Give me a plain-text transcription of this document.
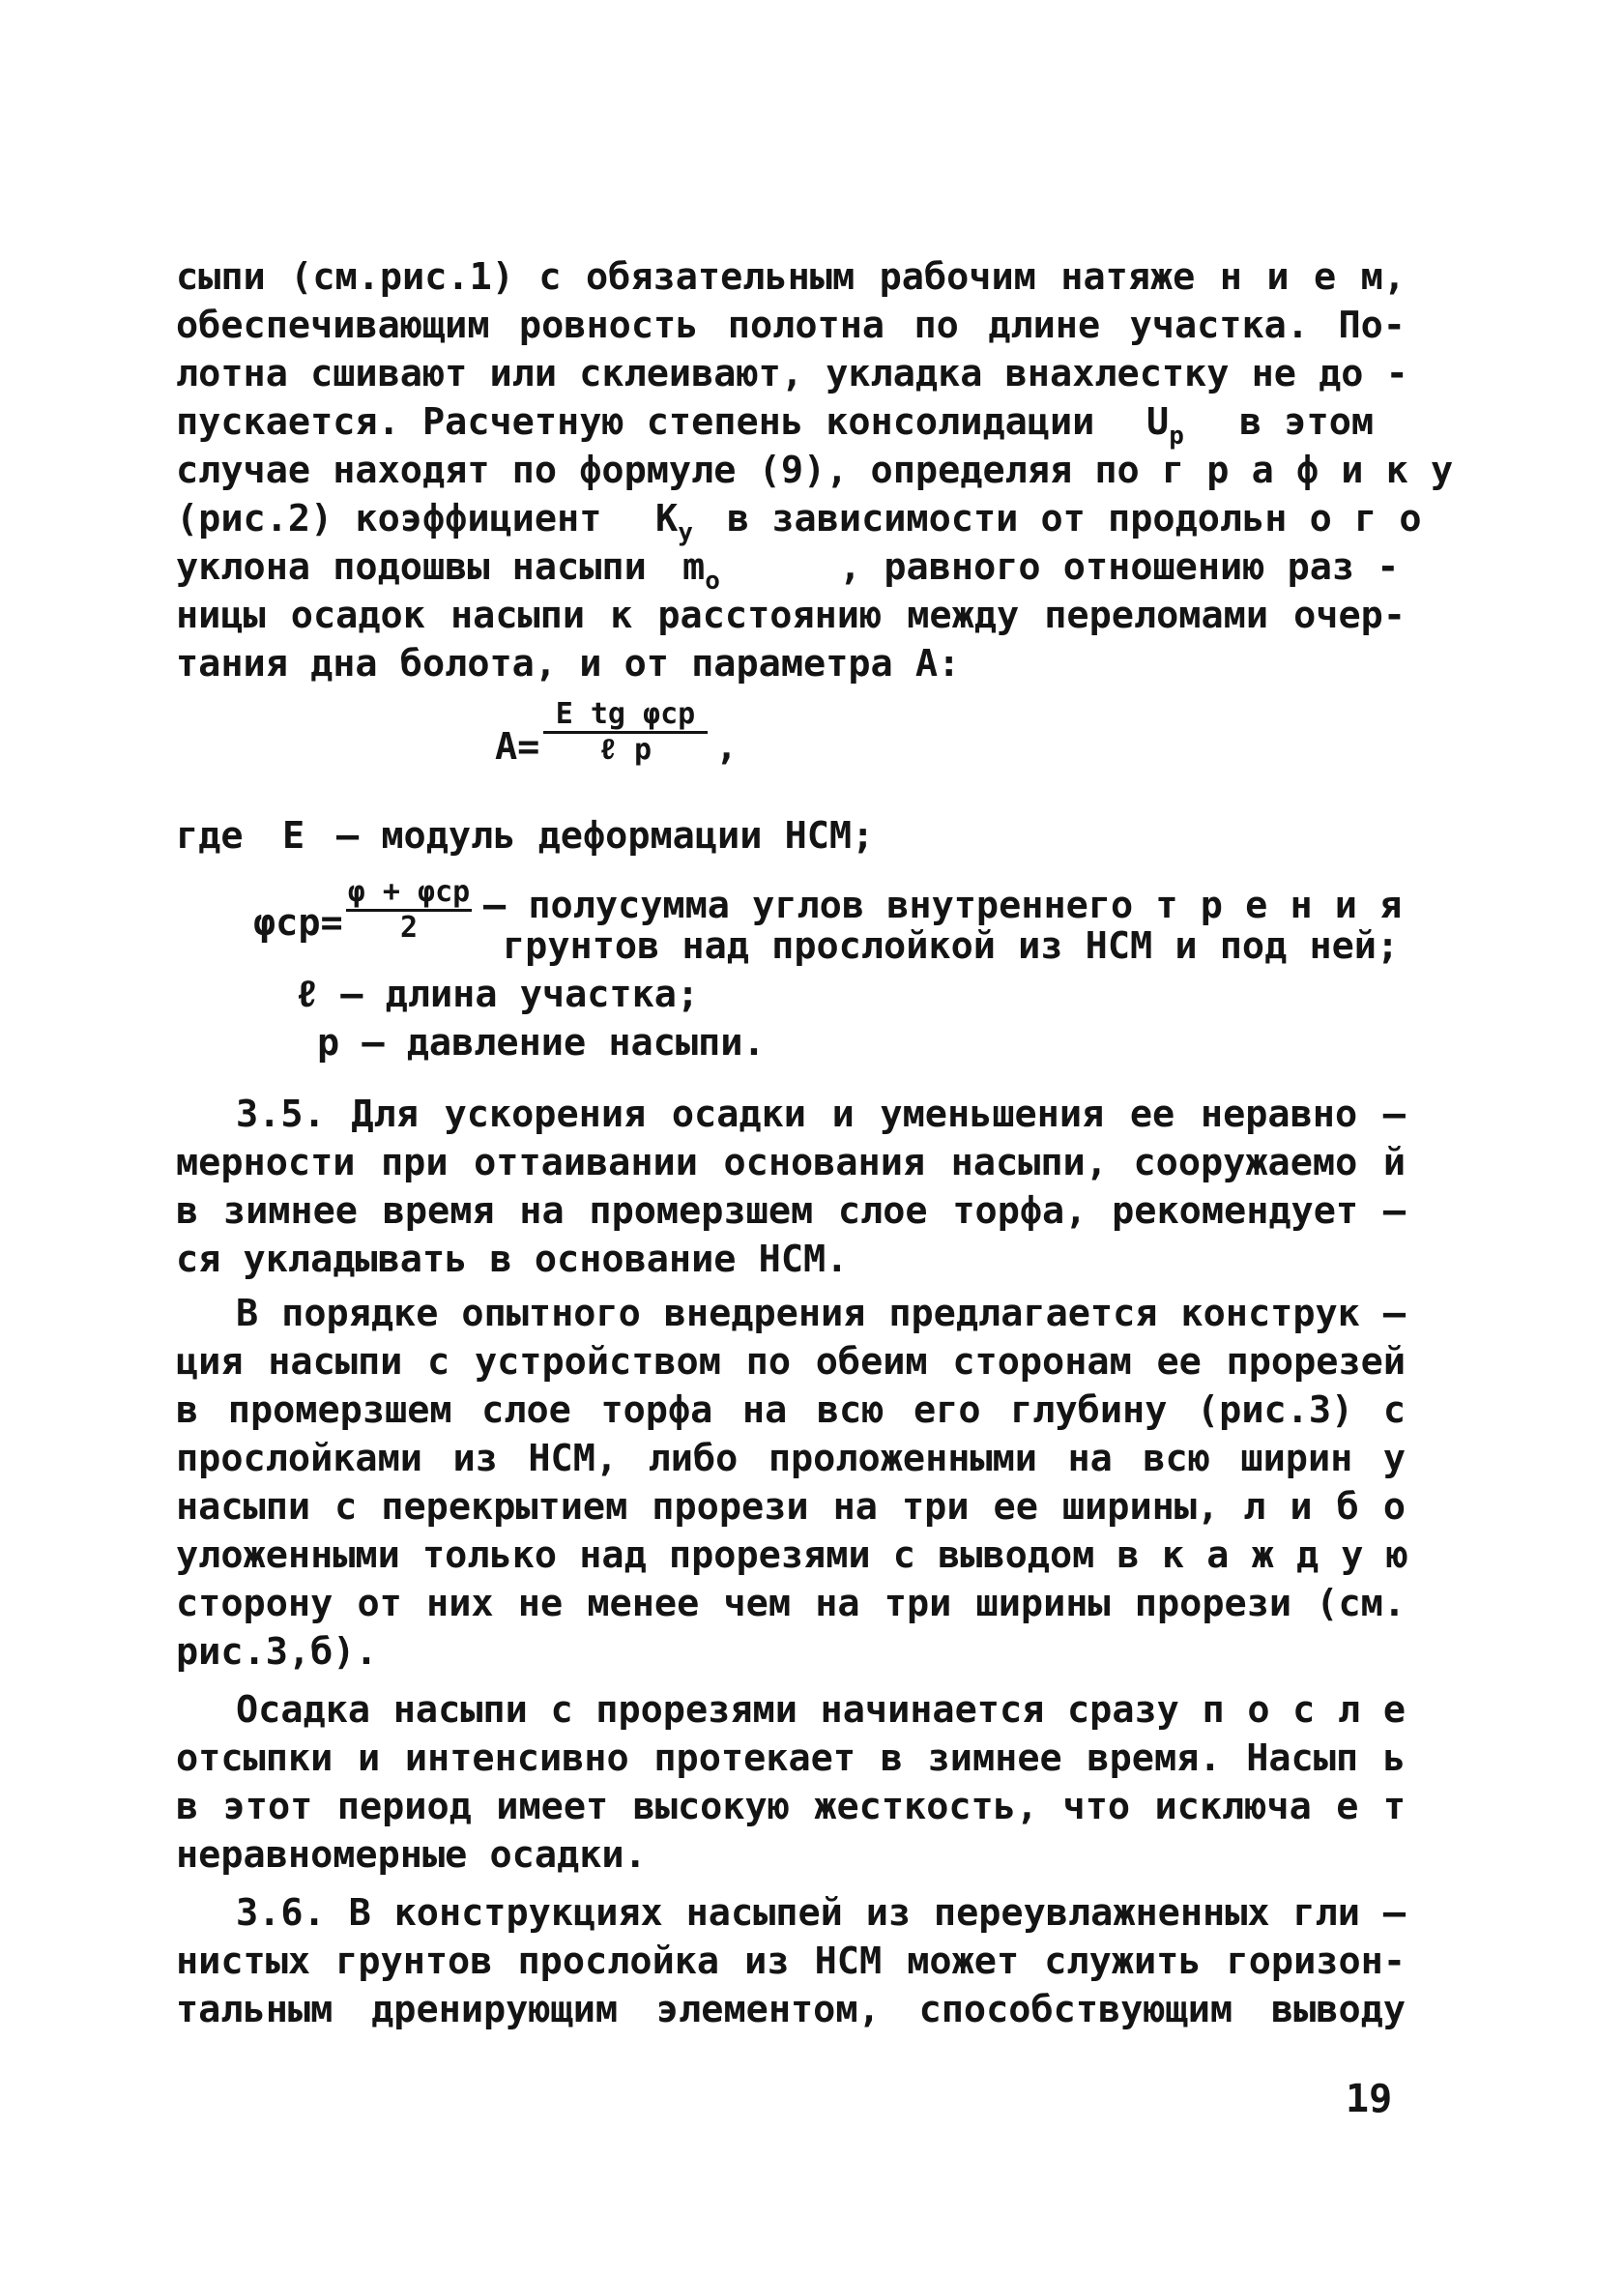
сыпи (см.рис.1) с обязательным рабочим натяже н и е м,
обеспечивающим ровность полотна по длине участка. По-
лотна сшивают или склеивают, укладка внахлестку не до -
пускается. Расчетную степень консолидации	$U_р$ в этом
случае находят по формуле (9), определяя по г р а ф и к у
(рис.2) коэффициент	$К_у$ в зависимости от продольн о г о
уклона подошвы насыпи $m_о$	, равного отношению раз -
ницы осадок насыпи к расстоянию между переломами очер-
тания дна болота, и от параметра А:
А=
E tg φср
ℓ р	,
где Е – модуль деформации НСМ;
φср=
φ + φср
2
– полусумма углов внутреннего т р е н и я
грунтов над прослойкой из НСМ и под ней;
ℓ – длина участка;
р – давление насыпи.
3.5. Для ускорения осадки и уменьшения ее неравно –
мерности при оттаивании основания насыпи, сооружаемо й
в зимнее время на промерзшем слое торфа, рекомендует –
ся укладывать в основание НСМ.
В порядке опытного внедрения предлагается конструк –
ция насыпи с устройством по обеим сторонам ее прорезей
в промерзшем слое торфа на всю его глубину (рис.3) с
прослойками из НСМ, либо проложенными на всю ширин у
насыпи с перекрытием прорези на три ее ширины, л и б о
уложенными только над прорезями с выводом в к а ж д у ю
сторону от них не менее чем на три ширины прорези (см.
рис.3,б).
Осадка насыпи с прорезями начинается сразу п о с л е
отсыпки и интенсивно протекает в зимнее время. Насып ь
в этот период имеет высокую жесткость, что исключа е т
неравномерные осадки.
3.6. В конструкциях насыпей из переувлажненных гли –
нистых грунтов прослойка из НСМ может служить горизон-
тальным дренирующим элементом, способствующим выводу
19
